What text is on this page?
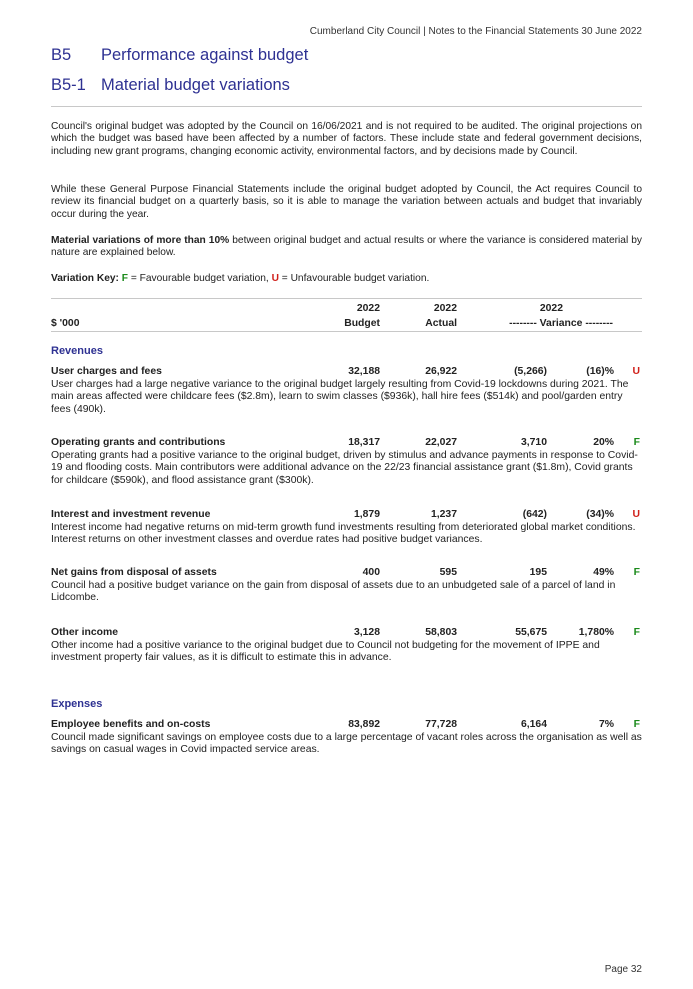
Cumberland City Council | Notes to the Financial Statements 30 June 2022
B5 Performance against budget
B5-1 Material budget variations
Council's original budget was adopted by the Council on 16/06/2021 and is not required to be audited. The original projections on which the budget was based have been affected by a number of factors. These include state and federal government decisions, including new grant programs, changing economic activity, environmental factors, and by decisions made by Council.
While these General Purpose Financial Statements include the original budget adopted by Council, the Act requires Council to review its financial budget on a quarterly basis, so it is able to manage the variation between actuals and budget that invariably occur during the year.
Material variations of more than 10% between original budget and actual results or where the variance is considered material by nature are explained below.
Variation Key: F = Favourable budget variation, U = Unfavourable budget variation.
2022	2022	2022
$ '000	Budget	Actual	-------- Variance --------
Revenues
User charges and fees	32,188	26,922	(5,266)	(16)% U
User charges had a large negative variance to the original budget largely resulting from Covid-19 lockdowns during 2021. The main areas affected were childcare fees ($2.8m), learn to swim classes ($936k), hall hire fees ($514k) and pool/garden entry fees (490k).
Operating grants and contributions	18,317	22,027	3,710	20% F
Operating grants had a positive variance to the original budget, driven by stimulus and advance payments in response to Covid-19 and flooding costs. Main contributors were additional advance on the 22/23 financial assistance grant ($1.8m), Covid grants for childcare ($590k), and flood assistance grant ($300k).
Interest and investment revenue	1,879	1,237	(642)	(34)% U
Interest income had negative returns on mid-term growth fund investments resulting from deteriorated global market conditions. Interest returns on other investment classes and overdue rates had positive budget variances.
Net gains from disposal of assets	400	595	195	49% F
Council had a positive budget variance on the gain from disposal of assets due to an unbudgeted sale of a parcel of land in Lidcombe.
Other income	3,128	58,803	55,675	1,780% F
Other income had a positive variance to the original budget due to Council not budgeting for the movement of IPPE and investment property fair values, as it is difficult to estimate this in advance.
Expenses
Employee benefits and on-costs	83,892	77,728	6,164	7% F
Council made significant savings on employee costs due to a large percentage of vacant roles across the organisation as well as savings on casual wages in Covid impacted service areas.
Page 32
